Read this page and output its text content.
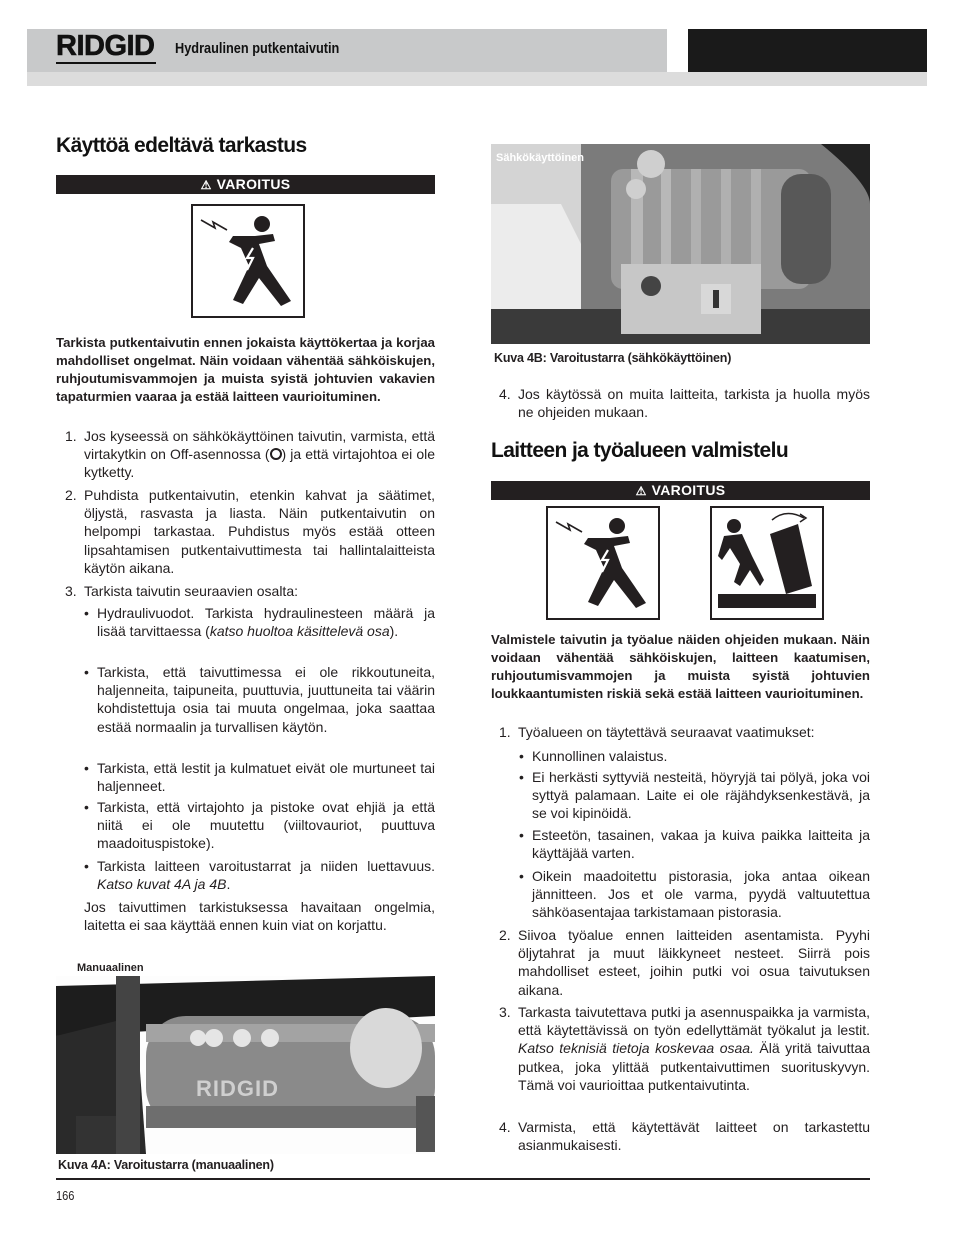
RIDGID Hydraulinen putkentaivutin
Käyttöä edeltävä tarkastus
⚠ VAROITUS
Tarkista putkentaivutin ennen jokaista käyttökertaa ja korjaa mahdolliset ongelmat. Näin voidaan vähentää sähköiskujen, ruhjoutumisvammojen ja muista syistä johtuvien vakavien tapaturmien vaaraa ja estää laitteen vaurioituminen.
1. Jos kyseessä on sähkökäyttöinen taivutin, varmista, että virtakytkin on Off-asennossa ( ) ja että virtajohtoa ei ole kytketty.
2. Puhdista putkentaivutin, etenkin kahvat ja säätimet, öljystä, rasvasta ja liasta. Näin putkentaivutin on helpompi tarkastaa. Puhdistus myös estää otteen lipsahtamisen putkentaivuttimesta tai hallintalaitteista käytön aikana.
3. Tarkista taivutin seuraavien osalta:
• Hydraulivuodot. Tarkista hydraulinesteen määrä ja lisää tarvittaessa (katso huoltoa käsittelevä osa).
• Tarkista, että taivuttimessa ei ole rikkoutuneita, haljenneita, taipuneita, puuttuvia, juuttuneita tai väärin kohdistettuja osia tai muuta ongelmaa, joka saattaa estää normaalin ja turvallisen käytön.
• Tarkista, että lestit ja kulmatuet eivät ole murtuneet tai haljenneet.
• Tarkista, että virtajohto ja pistoke ovat ehjiä ja että niitä ei ole muutettu (viiltovauriot, puuttuva maadoituspistoke).
• Tarkista laitteen varoitustarrat ja niiden luettavuus. Katso kuvat 4A ja 4B.
Jos taivuttimen tarkistuksessa havaitaan ongelmia, laitetta ei saa käyttää ennen kuin viat on korjattu.
Manuaalinen
RIDGID
Kuva 4A: Varoitustarra (manuaalinen)
Sähkökäyttöinen
Kuva 4B: Varoitustarra (sähkökäyttöinen)
4. Jos käytössä on muita laitteita, tarkista ja huolla myös ne ohjeiden mukaan.
Laitteen ja työalueen valmistelu
⚠ VAROITUS
Valmistele taivutin ja työalue näiden ohjeiden mukaan. Näin voidaan vähentää sähköiskujen, laitteen kaatumisen, ruhjoutumisvammojen ja muista syistä johtuvien loukkaantumisten riskiä sekä estää laitteen vaurioituminen.
1. Työalueen on täytettävä seuraavat vaatimukset:
• Kunnollinen valaistus.
• Ei herkästi syttyviä nesteitä, höyryjä tai pölyä, joka voi syttyä palamaan. Laite ei ole räjähdyksenkestävä, ja se voi kipinöidä.
• Esteetön, tasainen, vakaa ja kuiva paikka laitteita ja käyttäjää varten.
• Oikein maadoitettu pistorasia, joka antaa oikean jännitteen. Jos et ole varma, pyydä valtuutettua sähköasentajaa tarkistamaan pistorasia.
2. Siivoa työalue ennen laitteiden asentamista. Pyyhi öljytahrat ja muut läikkyneet nesteet. Siirrä pois mahdolliset esteet, joihin putki voi osua taivutuksen aikana.
3. Tarkasta taivutettava putki ja asennuspaikka ja varmista, että käytettävissä on työn edellyttämät työkalut ja lestit. Katso teknisiä tietoja koskevaa osaa. Älä yritä taivuttaa putkea, joka ylittää putkentaivuttimen suorituskyvyn. Tämä voi vaurioittaa putkentaivutinta.
4. Varmista, että käytettävät laitteet on tarkastettu asianmukaisesti.
166
